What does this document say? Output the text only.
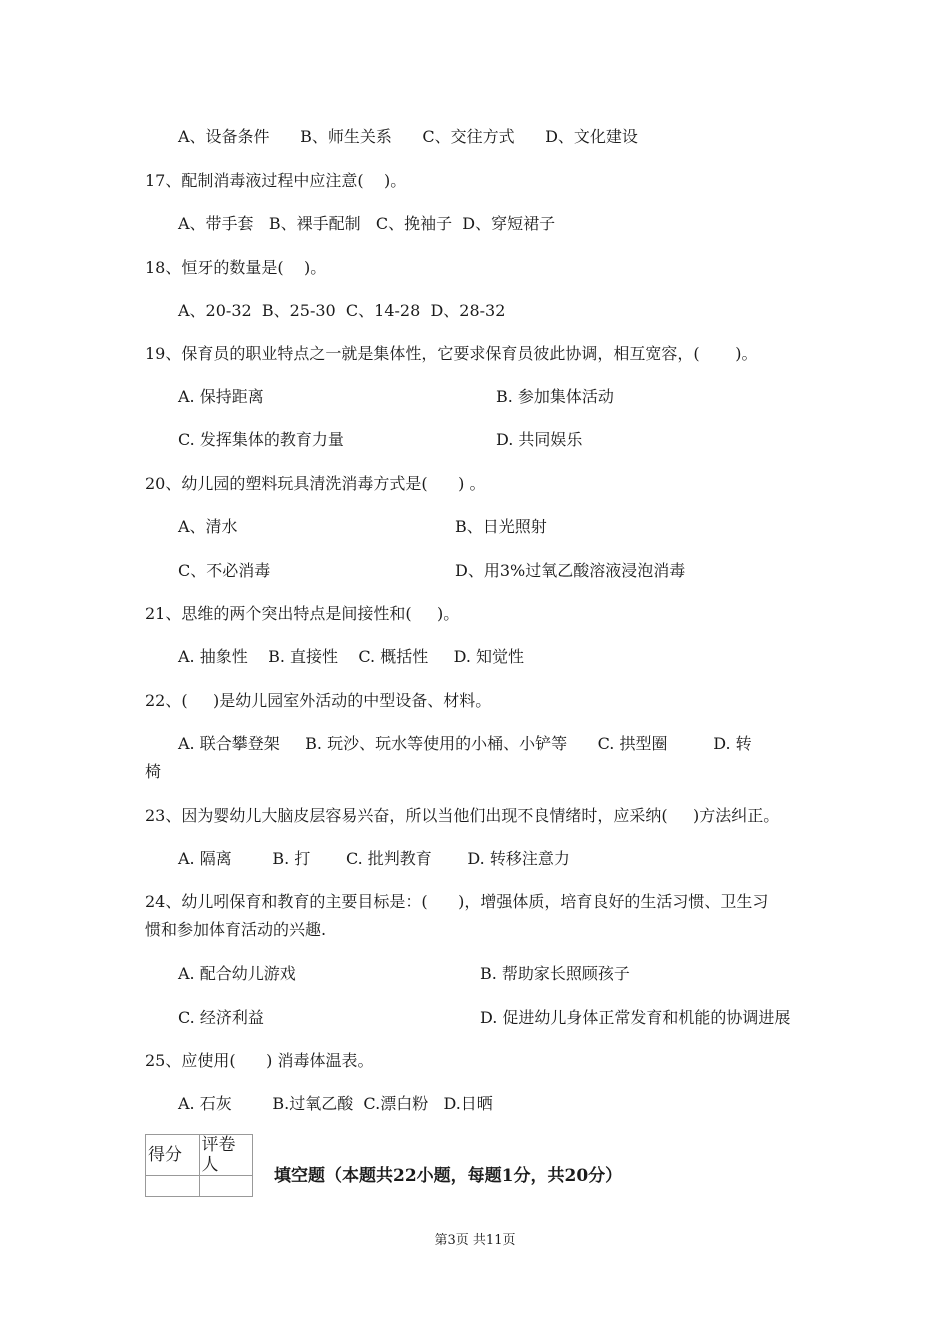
A、设备条件      B、师生关系      C、交往方式      D、文化建设
17、配制消毒液过程中应注意(    )。
A、带手套   B、裸手配制   C、挽袖子  D、穿短裙子
18、恒牙的数量是(    )。
A、20-32  B、25-30  C、14-28  D、28-32
19、保育员的职业特点之一就是集体性，它要求保育员彼此协调，相互宽容，(       )。
A. 保持距离	B. 参加集体活动
C. 发挥集体的教育力量	D. 共同娱乐
20、幼儿园的塑料玩具清洗消毒方式是(      ) 。
A、清水	B、日光照射
C、不必消毒	D、用3%过氧乙酸溶液浸泡消毒
21、思维的两个突出特点是间接性和(     )。
A. 抽象性    B. 直接性    C. 概括性     D. 知觉性
22、(     )是幼儿园室外活动的中型设备、材料。
A. 联合攀登架     B. 玩沙、玩水等使用的小桶、小铲等      C. 拱型圈         D. 转
椅
23、因为婴幼儿大脑皮层容易兴奋，所以当他们出现不良情绪时，应采纳(     )方法纠正。
A. 隔离        B. 打       C. 批判教育       D. 转移注意力
24、幼儿吲保育和教育的主要目标是：(      )，增强体质，培育良好的生活习惯、卫生习
惯和参加体育活动的兴趣.
A. 配合幼儿游戏	B. 帮助家长照顾孩子
C. 经济利益	D. 促进幼儿身体正常发育和机能的协调进展
25、应使用(      ) 消毒体温表。
A. 石灰        B.过氧乙酸  C.漂白粉   D.日晒
得分	评卷人

填空题（本题共22小题，每题1分，共20分）
第3页 共11页
